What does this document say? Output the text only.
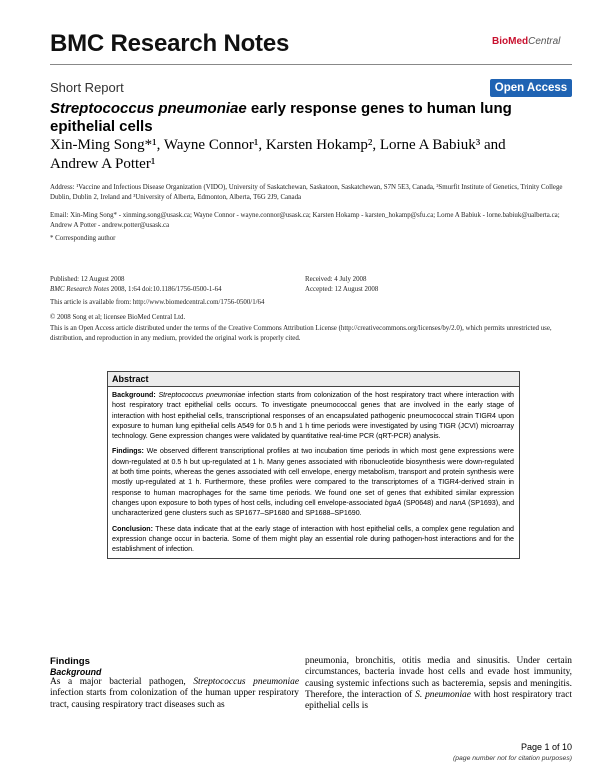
BMC Research Notes	BioMedCentral
Short Report	Open Access
Streptococcus pneumoniae early response genes to human lung epithelial cells
Xin-Ming Song*¹, Wayne Connor¹, Karsten Hokamp², Lorne A Babiuk³ and
Andrew A Potter¹
Address: ¹Vaccine and Infectious Disease Organization (VIDO), University of Saskatchewan, Saskatoon, Saskatchewan, S7N 5E3, Canada, ²Smurfit Institute of Genetics, Trinity College Dublin, Dublin 2, Ireland and ³University of Alberta, Edmonton, Alberta, T6G 2J9, Canada
Email: Xin-Ming Song* - xinming.song@usask.ca; Wayne Connor - wayne.connor@usask.ca; Karsten Hokamp - karsten_hokamp@sfu.ca; Lorne A Babiuk - lorne.babiuk@ualberta.ca; Andrew A Potter - andrew.potter@usask.ca
* Corresponding author
Published: 12 August 2008
BMC Research Notes 2008, 1:64 doi:10.1186/1756-0500-1-64
Received: 4 July 2008
Accepted: 12 August 2008
This article is available from: http://www.biomedcentral.com/1756-0500/1/64
© 2008 Song et al; licensee BioMed Central Ltd.
This is an Open Access article distributed under the terms of the Creative Commons Attribution License (http://creativecommons.org/licenses/by/2.0), which permits unrestricted use, distribution, and reproduction in any medium, provided the original work is properly cited.
Abstract

Background: Streptococcus pneumoniae infection starts from colonization of the host respiratory tract where interaction with host respiratory tract epithelial cells occurs. To investigate pneumococcal genes that are involved in the early stage of interaction with host epithelial cells, transcriptional responses of an encapsulated pathogenic pneumococcal strain TIGR4 upon exposure to human lung epithelial cells A549 for 0.5 h and 1 h time periods were investigated by using TIGR (JCVI) microarray technology. Gene expression changes were validated by quantitative real-time PCR (qRT-PCR) analysis.

Findings: We observed different transcriptional profiles at two incubation time periods in which most gene expressions were down-regulated at 0.5 h but up-regulated at 1 h. Many genes associated with ribonucleotide biosynthesis were down-regulated at both time points, whereas the genes associated with cell envelope, energy metabolism, transport and protein synthesis were mostly up-regulated at 1 h. Furthermore, these profiles were compared to the transcriptomes of a TIGR4-derived strain in response to human macrophages for the same time periods. We found one set of genes that exhibited similar expression changes upon exposure to both types of host cells, including cell envelope-associated bgaA (SP0648) and nanA (SP1693), and uncharacterized gene clusters such as SP1677–SP1680 and SP1688–SP1690.

Conclusion: These data indicate that at the early stage of interaction with host epithelial cells, a complex gene regulation and expression change occur in bacteria. Some of them might play an essential role during pathogen-host interactions and for the establishment of infection.

Findings
Background
As a major bacterial pathogen, Streptococcus pneumoniae infection starts from colonization of the human upper respiratory tract, causing respiratory tract diseases such as
pneumonia, bronchitis, otitis media and sinusitis. Under certain circumstances, bacteria invade host cells and evade host immunity, causing systemic infections such as bacteremia, sepsis and meningitis. Therefore, the interaction of S. pneumoniae with host respiratory tract epithelial cells is
Page 1 of 10
(page number not for citation purposes)
